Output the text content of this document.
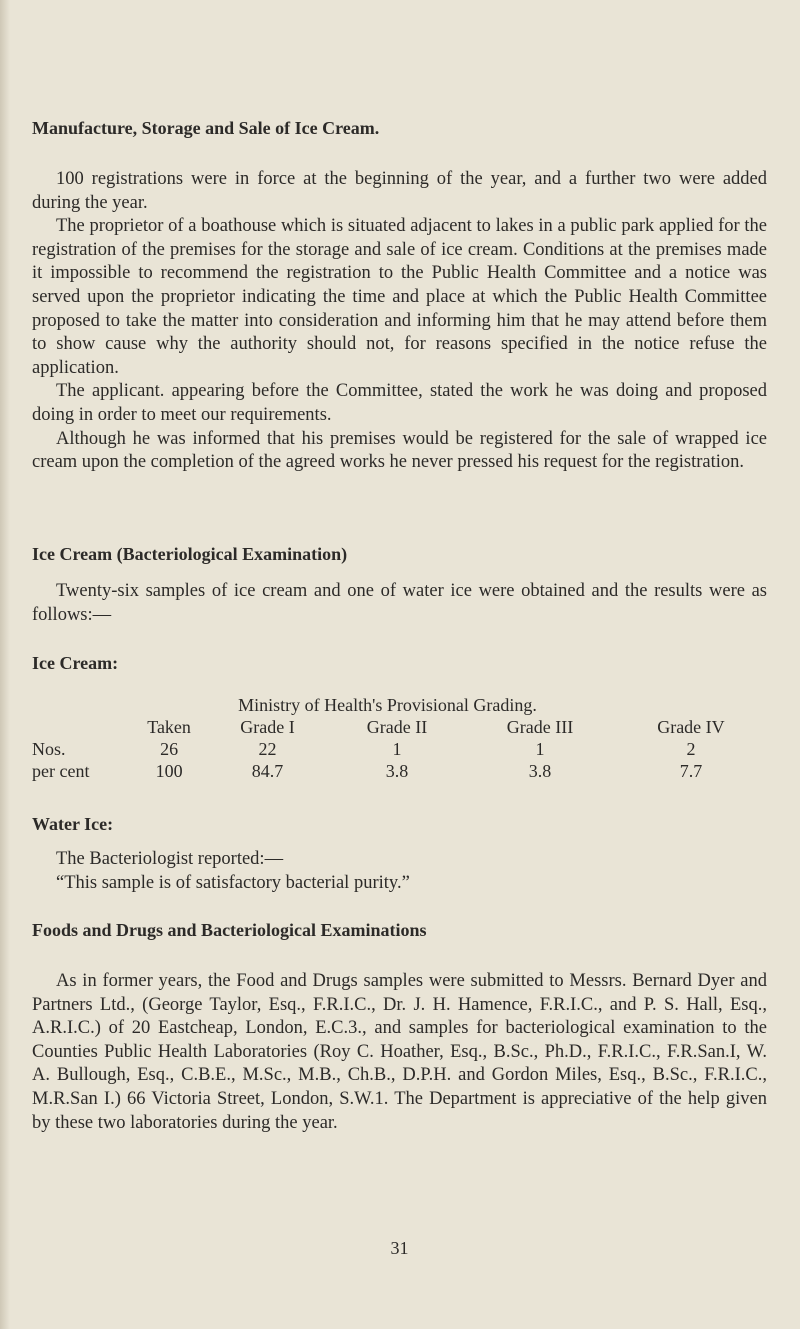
Manufacture, Storage and Sale of Ice Cream.

100 registrations were in force at the beginning of the year, and a further two were added during the year.

The proprietor of a boathouse which is situated adjacent to lakes in a public park applied for the registration of the premises for the storage and sale of ice cream. Conditions at the premises made it impossible to recommend the registration to the Public Health Committee and a notice was served upon the proprietor indicating the time and place at which the Public Health Committee proposed to take the matter into consideration and informing him that he may attend before them to show cause why the authority should not, for reasons specified in the notice refuse the application.

The applicant. appearing before the Committee, stated the work he was doing and proposed doing in order to meet our requirements.

Although he was informed that his premises would be registered for the sale of wrapped ice cream upon the completion of the agreed works he never pressed his request for the registration.

Ice Cream (Bacteriological Examination)

Twenty-six samples of ice cream and one of water ice were obtained and the results were as follows:—

Ice Cream:
		Ministry of Health's Provisional Grading.			
	Taken	Grade I	Grade II	Grade III	Grade IV
Nos.	26	22	1	1	2
per cent	100	84.7	3.8	3.8	7.7
Water Ice:

The Bacteriologist reported:—

“This sample is of satisfactory bacterial purity.”

Foods and Drugs and Bacteriological Examinations

As in former years, the Food and Drugs samples were submitted to Messrs. Bernard Dyer and Partners Ltd., (George Taylor, Esq., F.R.I.C., Dr. J. H. Hamence, F.R.I.C., and P. S. Hall, Esq., A.R.I.C.) of 20 Eastcheap, London, E.C.3., and samples for bacteriological examination to the Counties Public Health Laboratories (Roy C. Hoather, Esq., B.Sc., Ph.D., F.R.I.C., F.R.San.I, W. A. Bullough, Esq., C.B.E., M.Sc., M.B., Ch.B., D.P.H. and Gordon Miles, Esq., B.Sc., F.R.I.C., M.R.San I.) 66 Victoria Street, London, S.W.1. The Department is appreciative of the help given by these two laboratories during the year.

31
